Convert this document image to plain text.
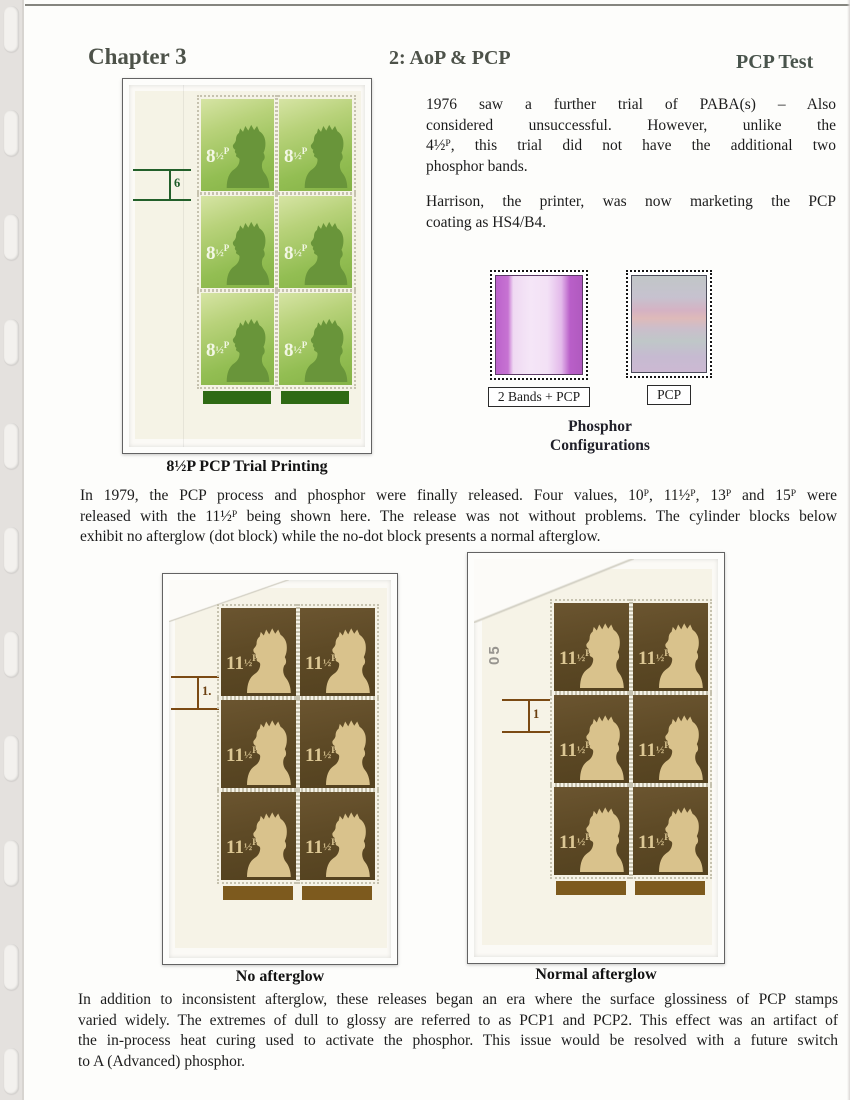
Chapter 3	2: AoP & PCP	PCP Test
6
8½$^P$	8½$^P$
8½$^P$	8½$^P$
8½$^P$	8½$^P$
8½P PCP Trial Printing
1976 saw a further trial of PABA(s) – Also
considered unsuccessful. However, unlike the
4½$^P$, this trial did not have the additional two
phosphor bands.
Harrison, the printer, was now marketing the PCP
coating as HS4/B4.
2 Bands + PCP	PCP
Phosphor
Configurations
In 1979, the PCP process and phosphor were finally released. Four values, $10^P$, 11½$^P$, $13^P$ and $15^P$ were
released with the 11½$^P$ being shown here. The release was not without problems. The cylinder blocks below
exhibit no afterglow (dot block) while the no-dot block presents a normal afterglow.
1.
11½$^P$ 11½$^P$
11½$^P$ 11½$^P$
11½$^P$ 11½$^P$
No afterglow
05
1
11½$^P$ 11½$^P$
11½$^P$ 11½$^P$
11½$^P$ 11½$^P$
Normal afterglow
In addition to inconsistent afterglow, these releases began an era where the surface glossiness of PCP stamps
varied widely. The extremes of dull to glossy are referred to as PCP1 and PCP2. This effect was an artifact of
the in-process heat curing used to activate the phosphor. This issue would be resolved with a future switch
to A (Advanced) phosphor.
